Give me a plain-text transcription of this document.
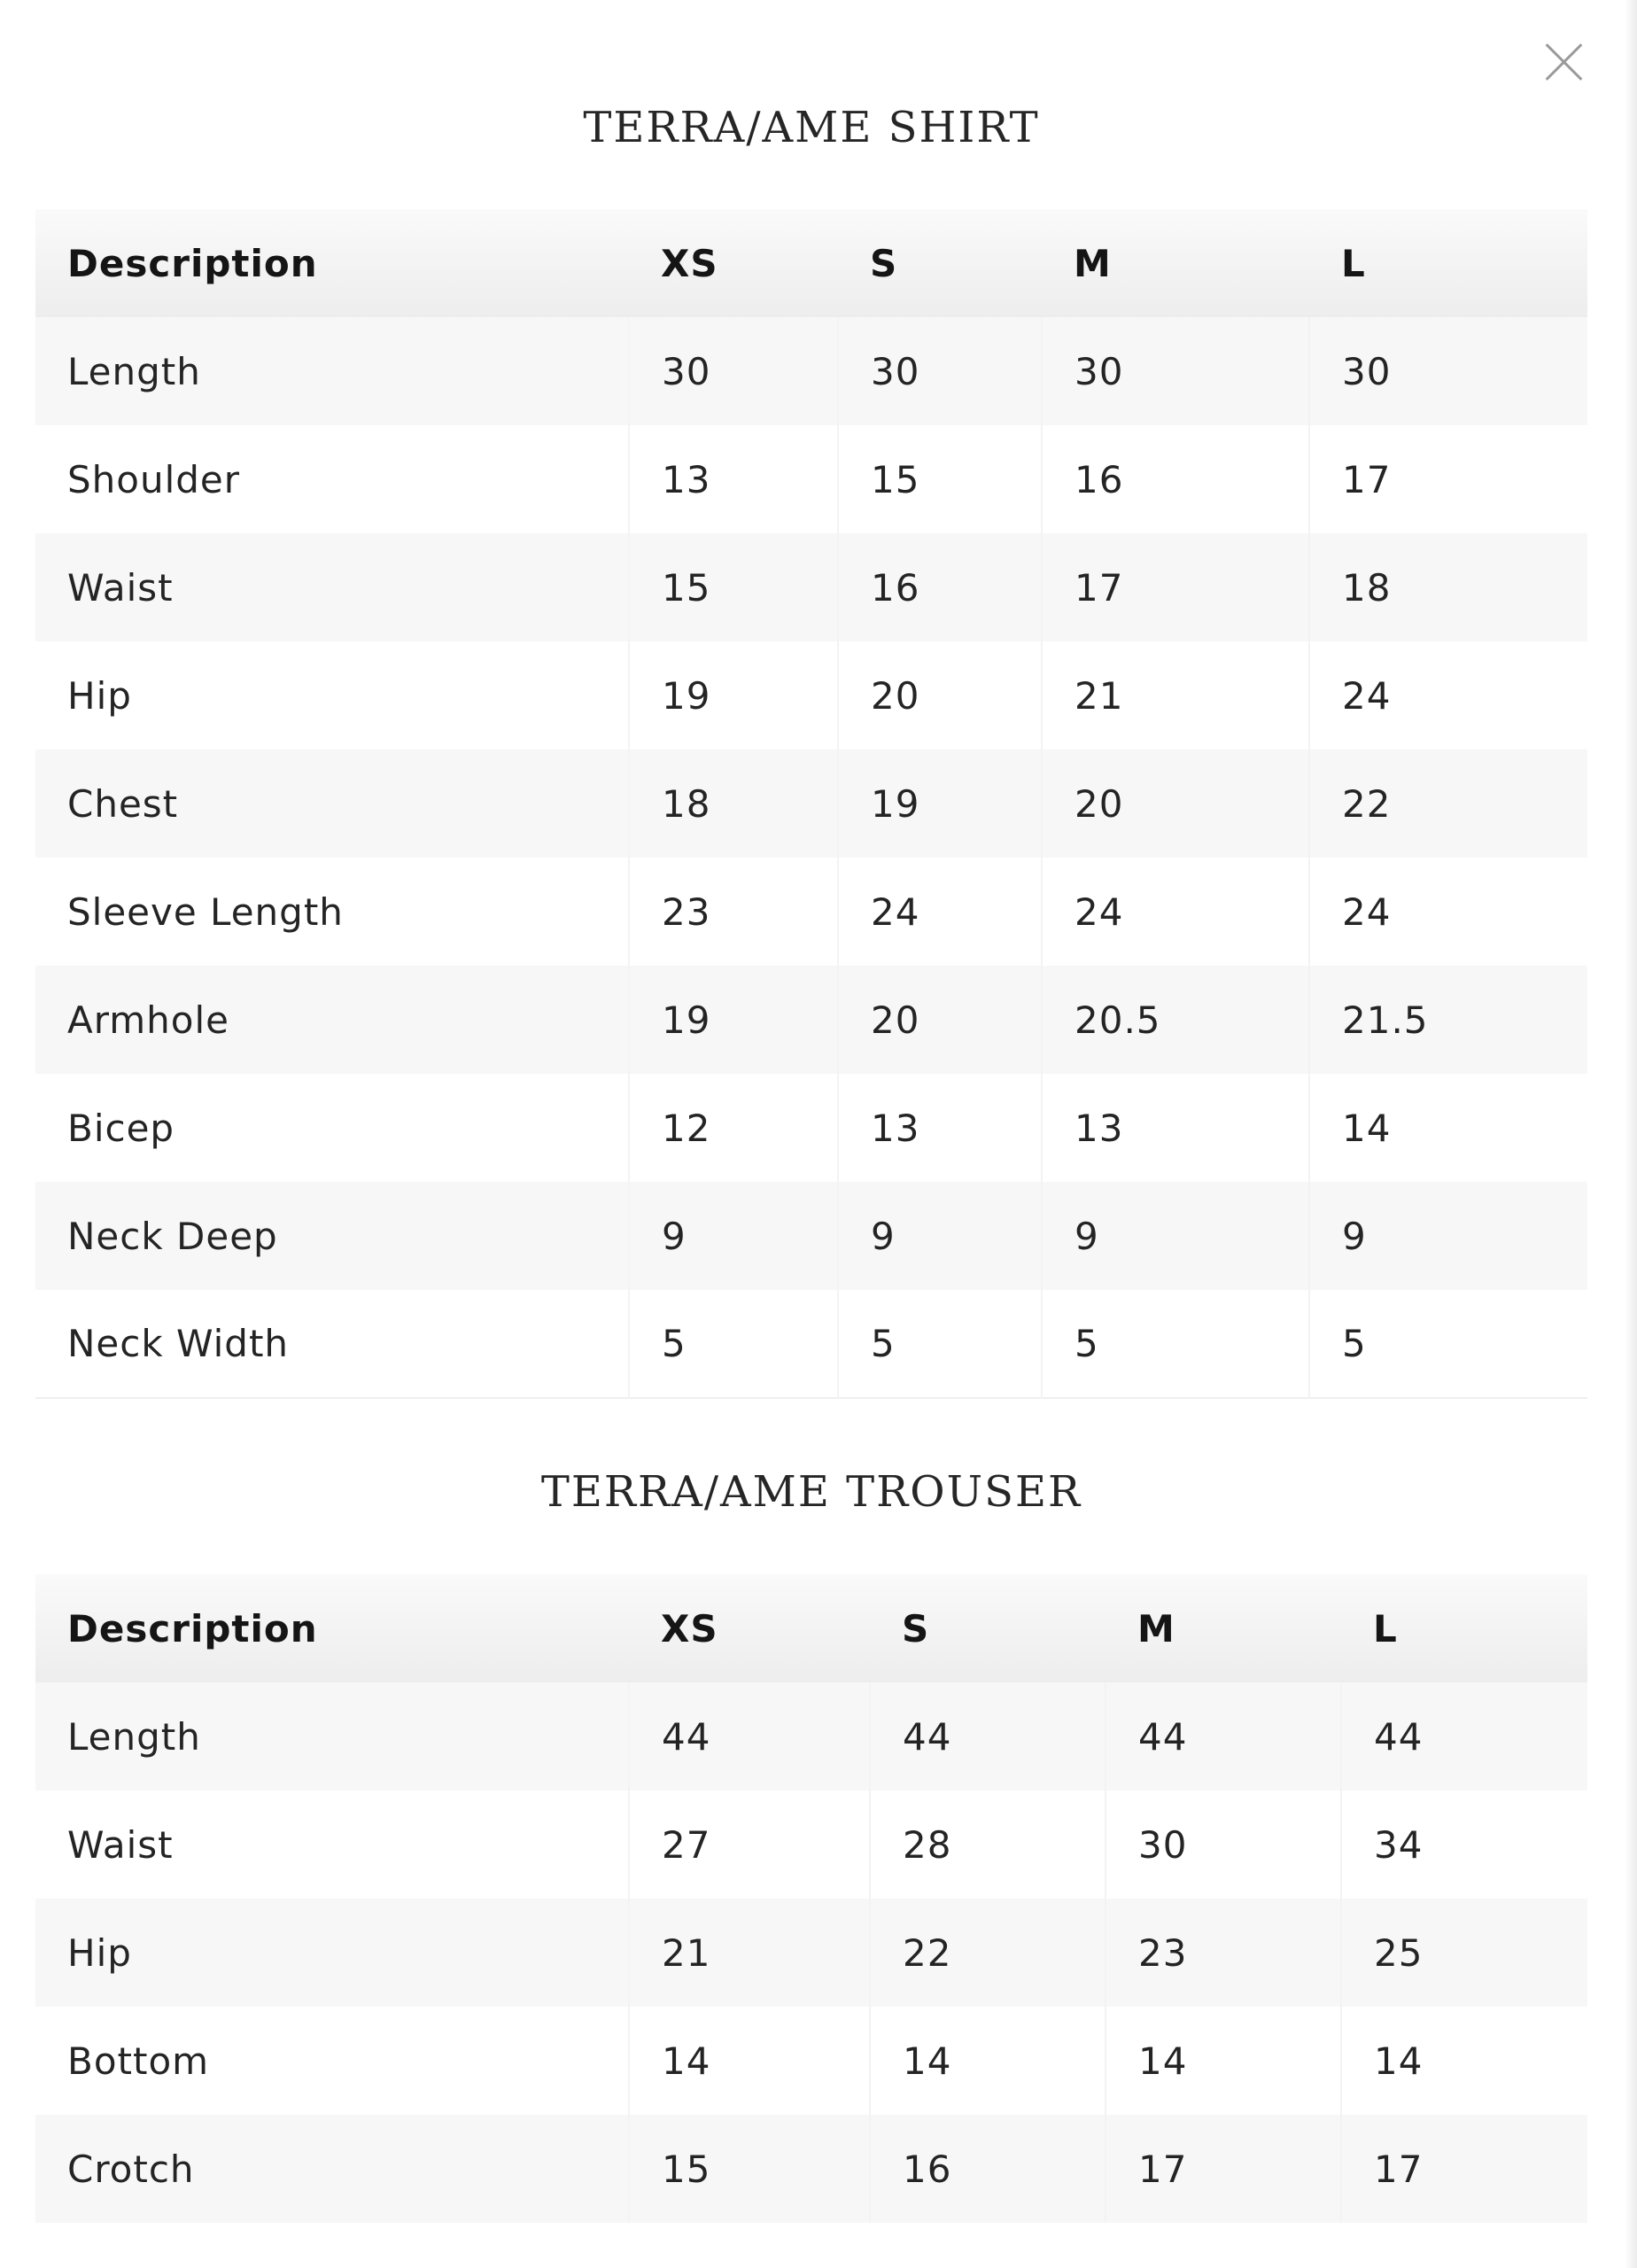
TERRA/AME SHIRT
Description	XS	S	M	L
Length	30	30	30	30
Shoulder	13	15	16	17
Waist	15	16	17	18
Hip	19	20	21	24
Chest	18	19	20	22
Sleeve Length	23	24	24	24
Armhole	19	20	20.5	21.5
Bicep	12	13	13	14
Neck Deep	9	9	9	9
Neck Width	5	5	5	5
TERRA/AME TROUSER
Description	XS	S	M	L
Length	44	44	44	44
Waist	27	28	30	34
Hip	21	22	23	25
Bottom	14	14	14	14
Crotch	15	16	17	17
